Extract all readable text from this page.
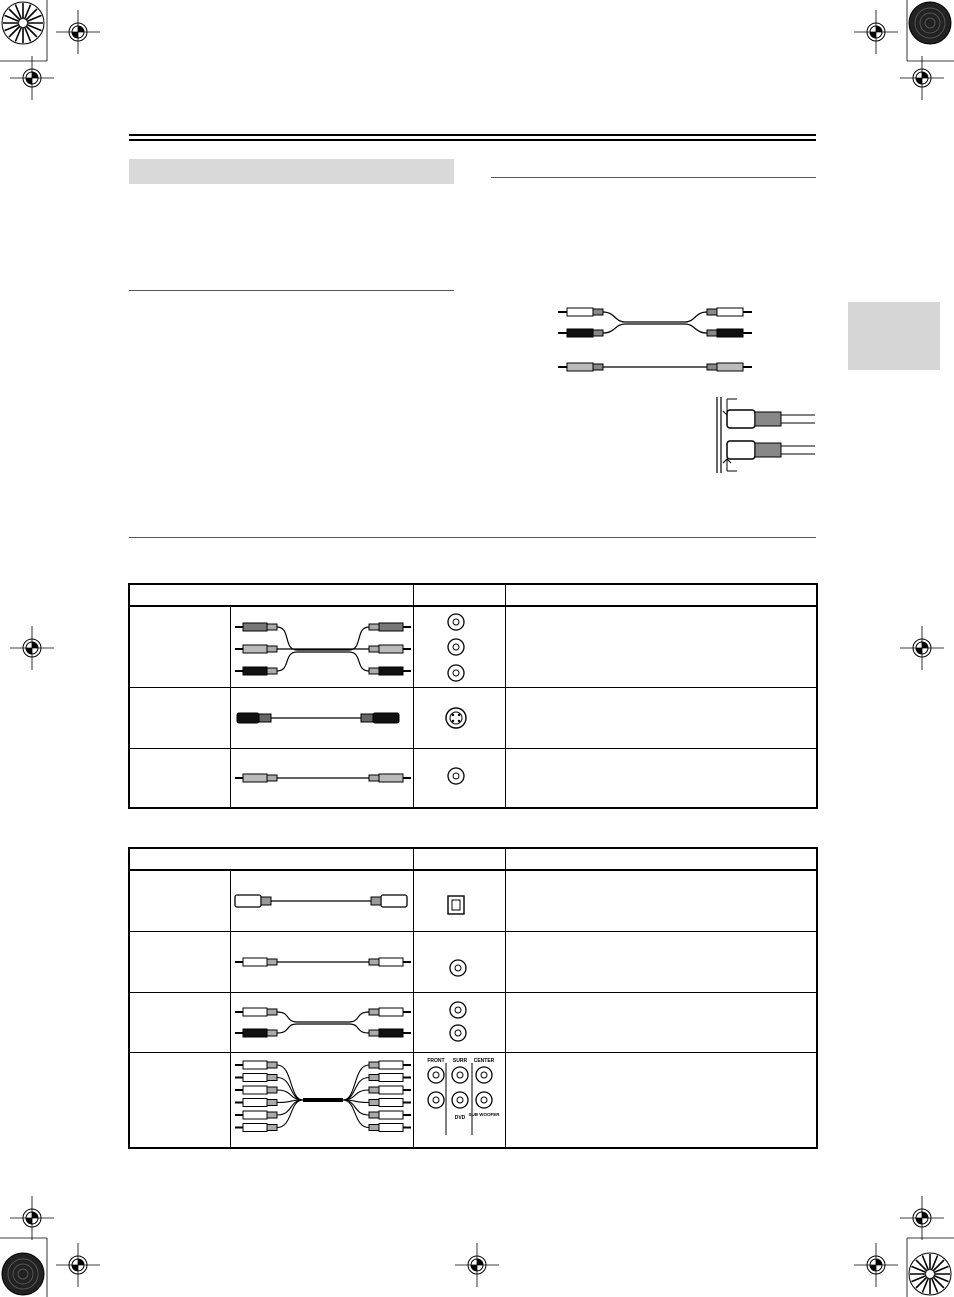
FRONT SURR CENTER
SUB WOOFER
DVD	
